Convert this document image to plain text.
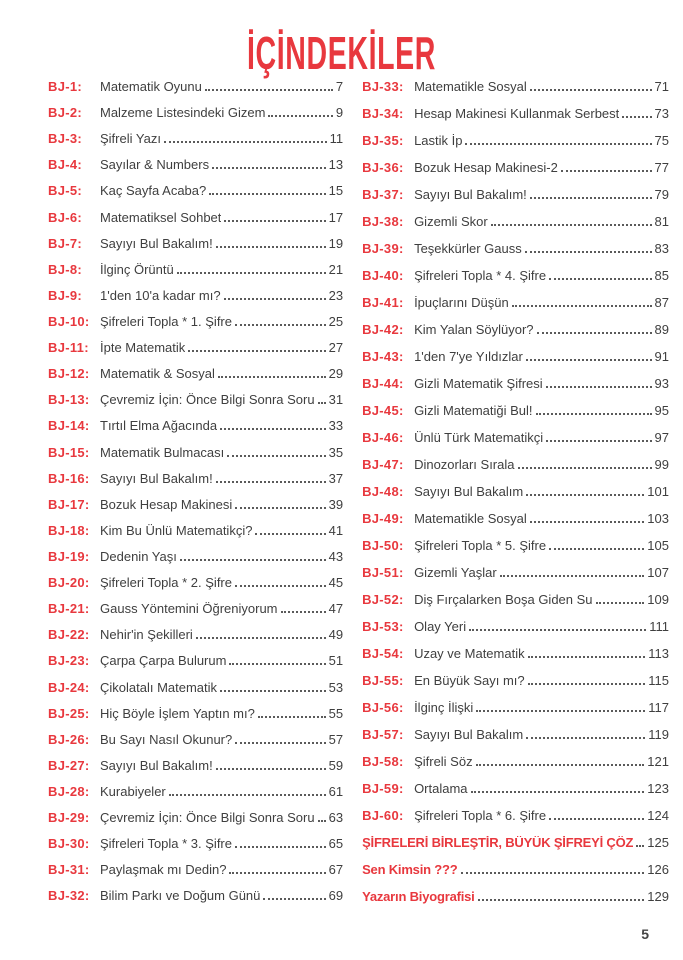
İÇİNDEKİLER
BJ-1:	Matematik Oyunu	7
BJ-2:	Malzeme Listesindeki Gizem	9
BJ-3:	Şifreli Yazı	11
BJ-4:	Sayılar & Numbers	13
BJ-5:	Kaç Sayfa Acaba?	15
BJ-6:	Matematiksel Sohbet	17
BJ-7:	Sayıyı Bul Bakalım!	19
BJ-8:	İlginç Örüntü	21
BJ-9:	1'den 10'a kadar mı?	23
BJ-10: Şifreleri Topla * 1. Şifre	25
BJ-11: İpte Matematik	27
BJ-12: Matematik & Sosyal	29
BJ-13: Çevremiz İçin: Önce Bilgi Sonra Soru 31
BJ-14: Tırtıl Elma Ağacında	33
BJ-15: Matematik Bulmacası	35
BJ-16: Sayıyı Bul Bakalım!	37
BJ-17: Bozuk Hesap Makinesi	39
BJ-18: Kim Bu Ünlü Matematikçi?	41
BJ-19: Dedenin Yaşı	43
BJ-20: Şifreleri Topla * 2. Şifre	45
BJ-21: Gauss Yöntemini Öğreniyorum	47
BJ-22: Nehir'in Şekilleri	49
BJ-23: Çarpa Çarpa Bulurum	51
BJ-24: Çikolatalı Matematik	53
BJ-25: Hiç Böyle İşlem Yaptın mı?	55
BJ-26: Bu Sayı Nasıl Okunur?	57
BJ-27: Sayıyı Bul Bakalım!	59
BJ-28: Kurabiyeler	61
BJ-29: Çevremiz İçin: Önce Bilgi Sonra Soru 63
BJ-30: Şifreleri Topla * 3. Şifre	65
BJ-31: Paylaşmak mı Dedin?	67
BJ-32: Bilim Parkı ve Doğum Günü	69
BJ-33: Matematikle Sosyal	71
BJ-34: Hesap Makinesi Kullanmak Serbest	73
BJ-35: Lastik İp	75
BJ-36: Bozuk Hesap Makinesi-2	77
BJ-37: Sayıyı Bul Bakalım!	79
BJ-38: Gizemli Skor	81
BJ-39: Teşekkürler Gauss	83
BJ-40: Şifreleri Topla * 4. Şifre	85
BJ-41: İpuçlarını Düşün	87
BJ-42: Kim Yalan Söylüyor?	89
BJ-43: 1'den 7'ye Yıldızlar	91
BJ-44: Gizli Matematik Şifresi	93
BJ-45: Gizli Matematiği Bul!	95
BJ-46: Ünlü Türk Matematikçi	97
BJ-47: Dinozorları Sırala	99
BJ-48: Sayıyı Bul Bakalım	101
BJ-49: Matematikle Sosyal	103
BJ-50: Şifreleri Topla * 5. Şifre	105
BJ-51: Gizemli Yaşlar	107
BJ-52: Diş Fırçalarken Boşa Giden Su	109
BJ-53: Olay Yeri	111
BJ-54: Uzay ve Matematik	113
BJ-55: En Büyük Sayı mı?	115
BJ-56: İlginç İlişki	117
BJ-57: Sayıyı Bul Bakalım	119
BJ-58: Şifreli Söz	121
BJ-59: Ortalama	123
BJ-60: Şifreleri Topla * 6. Şifre	124
ŞİFRELERİ BİRLEŞTİR, BÜYÜK ŞİFREYİ ÇÖZ 125
Sen Kimsin ???	126
Yazarın Biyografisi	129
5
